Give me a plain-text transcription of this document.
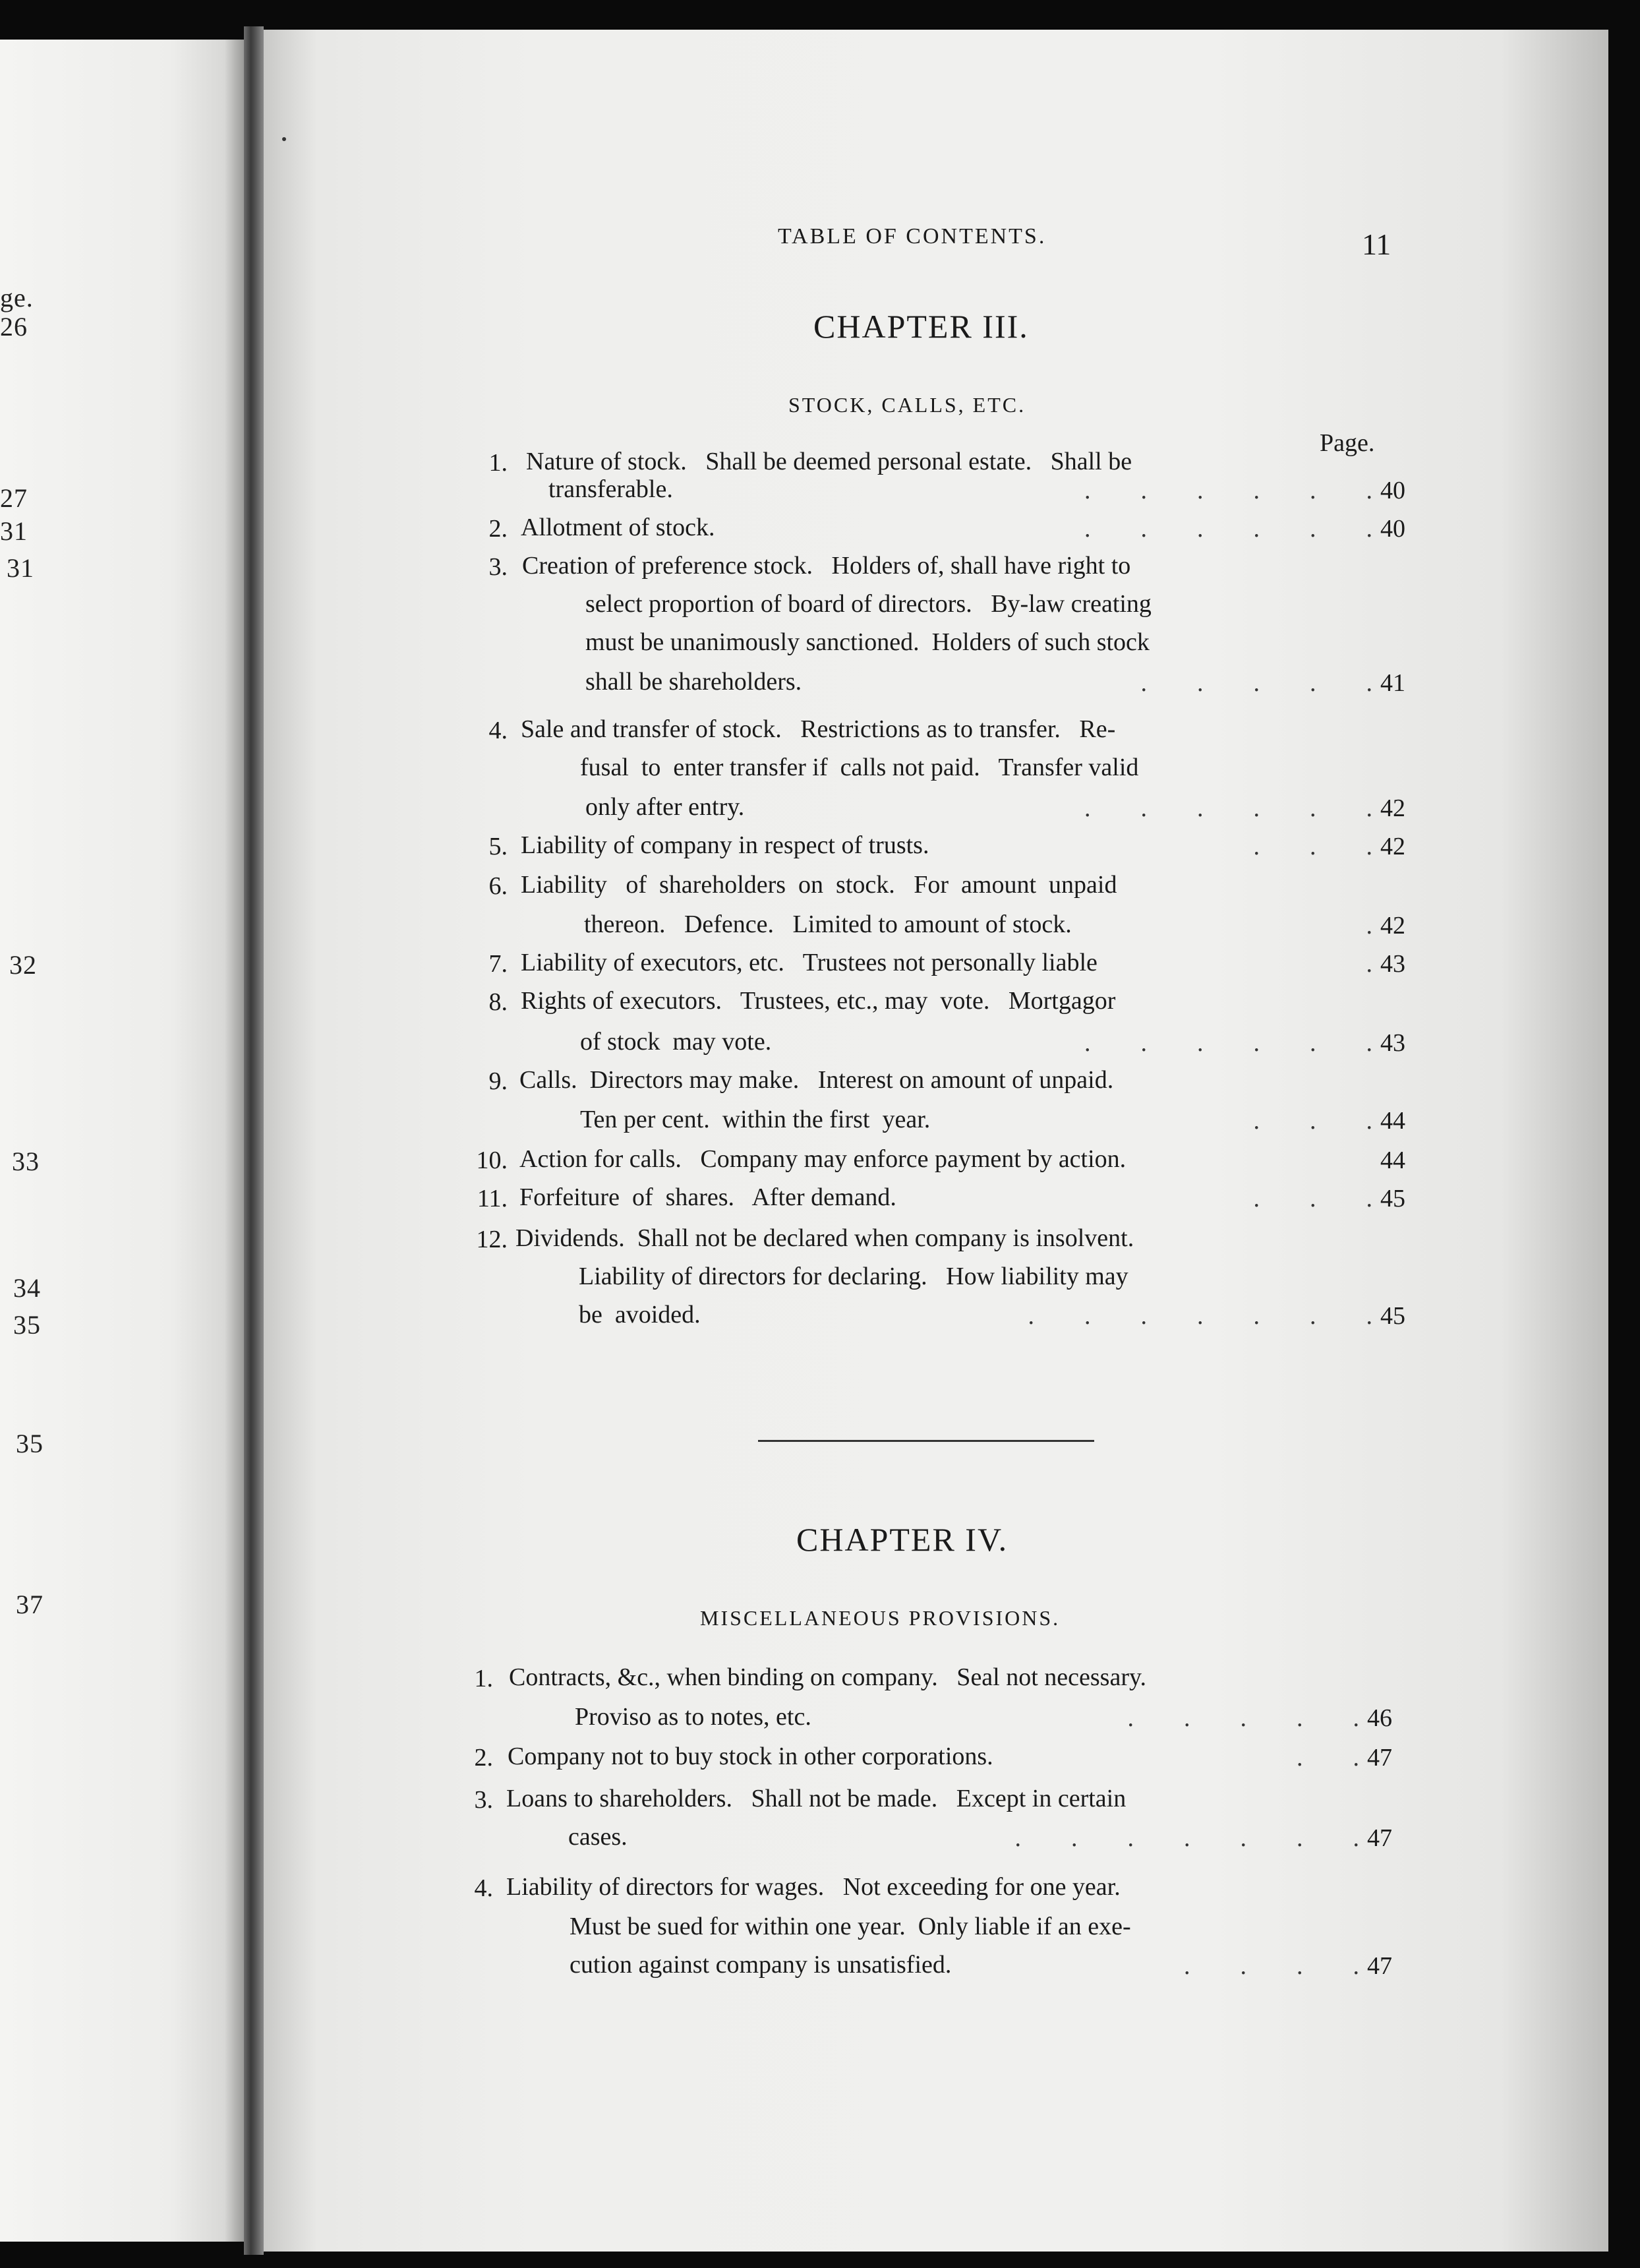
ge.
26
27
31
31
32
33
34
35
35
37
TABLE OF CONTENTS.	11
CHAPTER III.
STOCK, CALLS, ETC.
Page.
1. Nature of stock.   Shall be deemed personal estate.   Shall be
transferable.	.        .        .        .        .        . 40
2. Allotment of stock.	.        .        .        .        .        . 40
3. Creation of preference stock.   Holders of, shall have right to
select proportion of board of directors.   By-law creating
must be unanimously sanctioned.  Holders of such stock
shall be shareholders.	.        .        .        .        . 41
4. Sale and transfer of stock.   Restrictions as to transfer.   Re-
fusal  to  enter transfer if  calls not paid.   Transfer valid
only after entry.	.        .        .        .        .        . 42
5. Liability of company in respect of trusts.	.        .        . 42
6. Liability   of  shareholders  on  stock.   For  amount  unpaid
thereon.   Defence.   Limited to amount of stock.	. 42
7. Liability of executors, etc.   Trustees not personally liable	. 43
8. Rights of executors.   Trustees, etc., may  vote.   Mortgagor
of stock  may vote.	.        .        .        .        .        . 43
9. Calls.  Directors may make.   Interest on amount of unpaid.
Ten per cent.  within the first  year.	.        .        . 44
10. Action for calls.   Company may enforce payment by action.	44
11. Forfeiture  of  shares.   After demand.	.        .        . 45
12. Dividends.  Shall not be declared when company is insolvent.
Liability of directors for declaring.   How liability may
be  avoided.	.        .        .        .        .        .        . 45
CHAPTER IV.
MISCELLANEOUS PROVISIONS.
1. Contracts, &c., when binding on company.   Seal not necessary.
Proviso as to notes, etc.	.        .        .        .        . 46
2. Company not to buy stock in other corporations.	.        . 47
3. Loans to shareholders.   Shall not be made.   Except in certain
cases.	.        .        .        .        .        .        . 47
4. Liability of directors for wages.   Not exceeding for one year.
Must be sued for within one year.  Only liable if an exe-
cution against company is unsatisfied.	.        .        .        . 47
